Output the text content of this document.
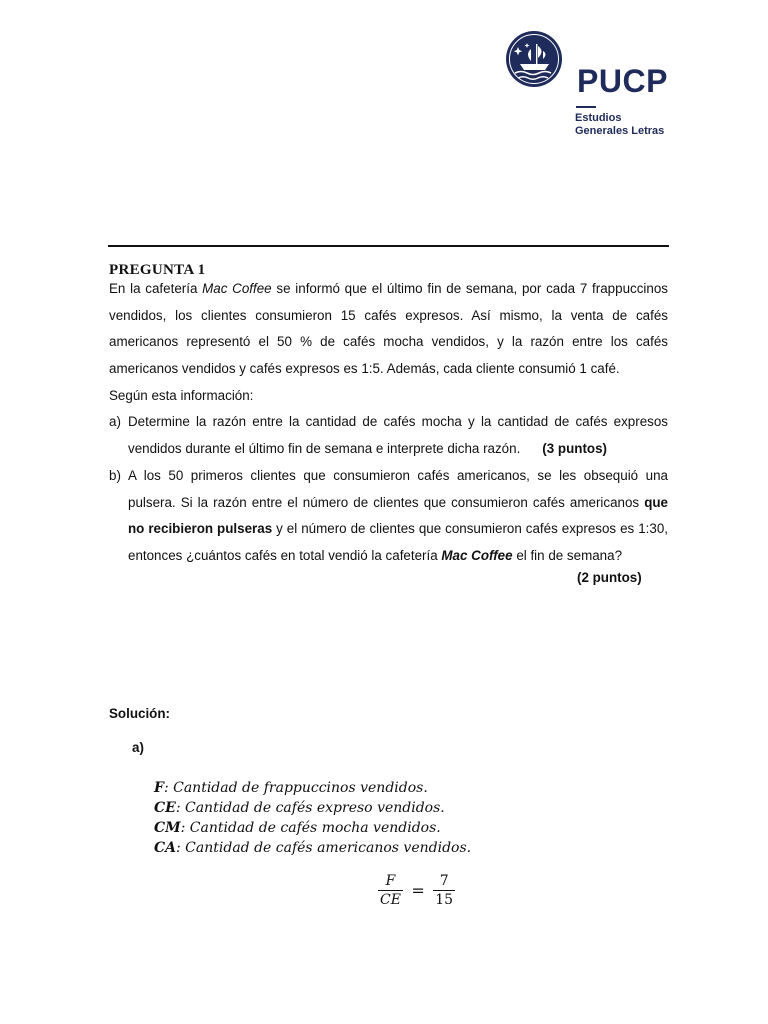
PUCP
Estudios
Generales Letras
PREGUNTA 1
En la cafetería Mac Coffee se informó que el último fin de semana, por cada 7 frappuccinos vendidos, los clientes consumieron 15 cafés expresos. Así mismo, la venta de cafés americanos representó el 50 % de cafés mocha vendidos, y la razón entre los cafés americanos vendidos y cafés expresos es 1:5. Además, cada cliente consumió 1 café.
Según esta información:
a) Determine la razón entre la cantidad de cafés mocha y la cantidad de cafés expresos vendidos durante el último fin de semana e interprete dicha razón. (3 puntos)
b) A los 50 primeros clientes que consumieron cafés americanos, se les obsequió una pulsera. Si la razón entre el número de clientes que consumieron cafés americanos que no recibieron pulseras y el número de clientes que consumieron cafés expresos es 1:30, entonces ¿cuántos cafés en total vendió la cafetería Mac Coffee el fin de semana?
(2 puntos)
Solución:
a)
F: Cantidad de frappuccinos vendidos.
CE: Cantidad de cafés expreso vendidos.
CM: Cantidad de cafés mocha vendidos.
CA: Cantidad de cafés americanos vendidos.
$\frac{F}{CE} = \frac{7}{15}$
